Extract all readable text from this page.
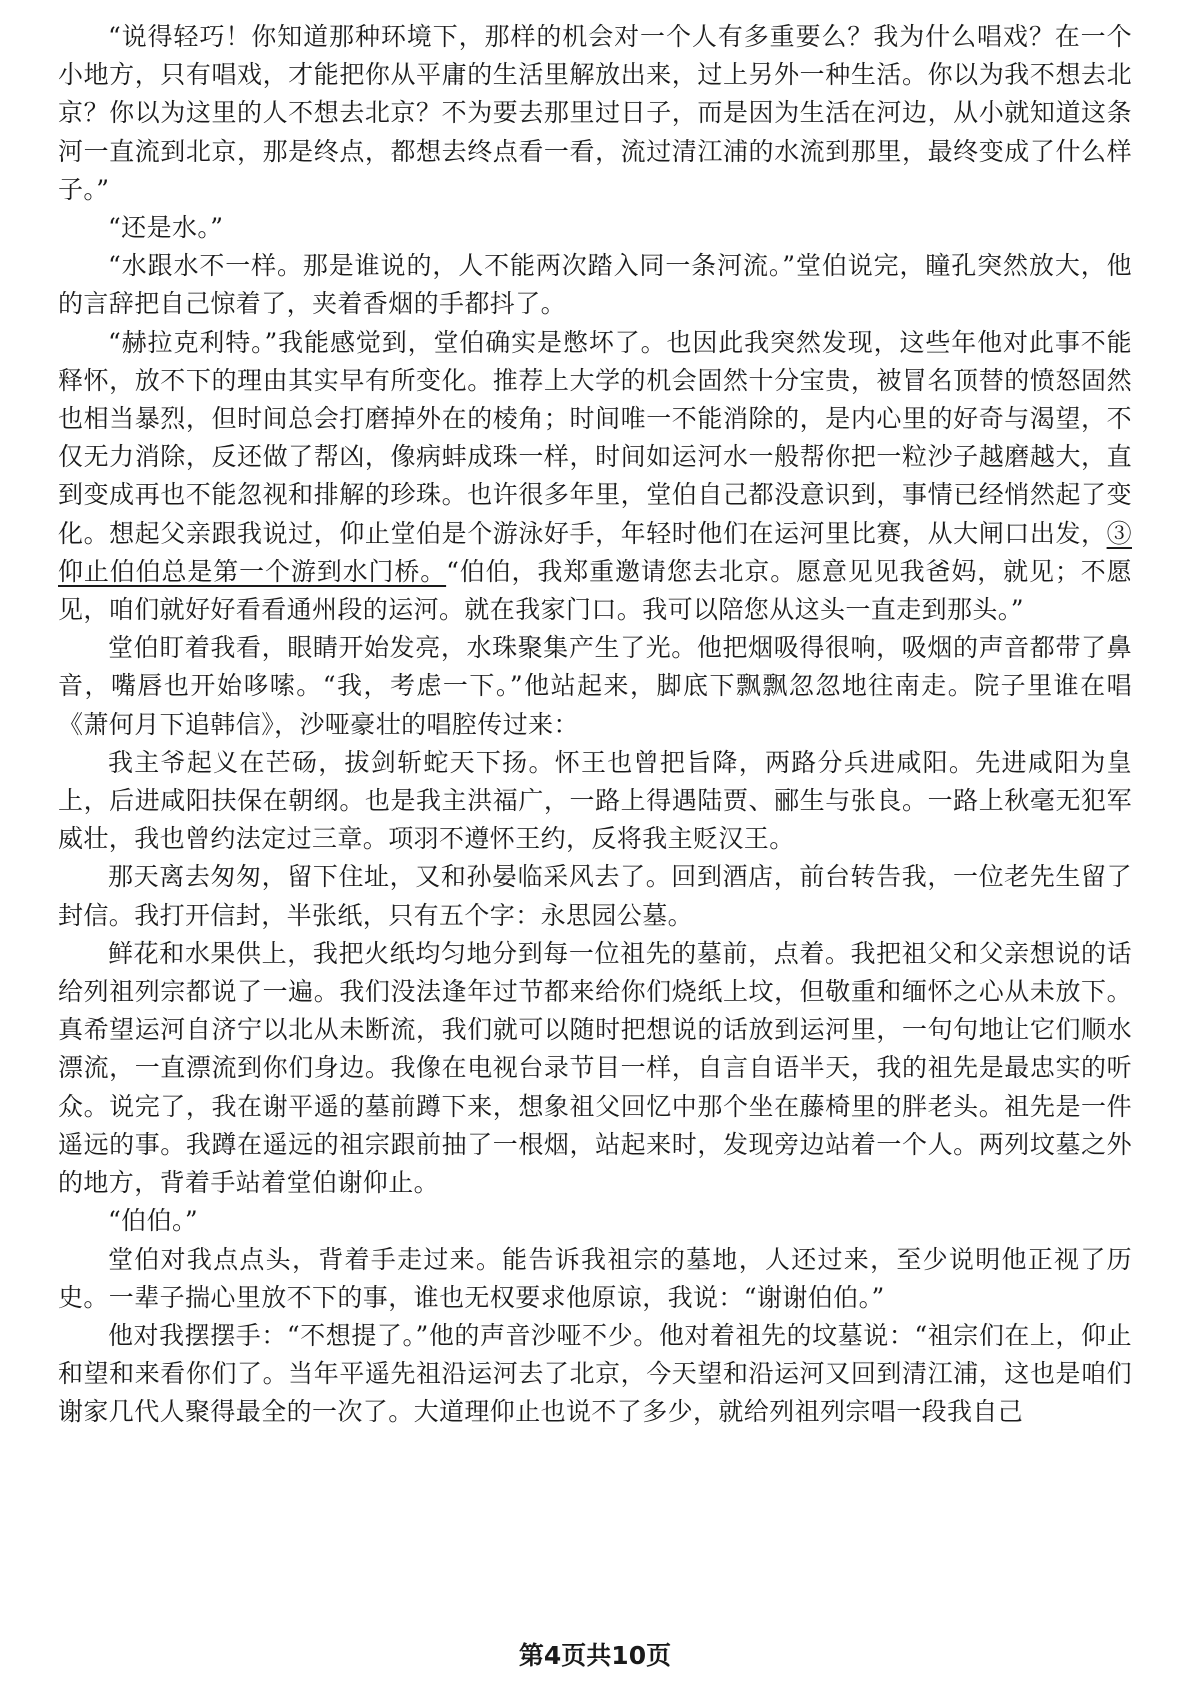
“说得轻巧！你知道那种环境下，那样的机会对一个人有多重要么？我为什么唱戏？在一个小地方，只有唱戏，才能把你从平庸的生活里解放出来，过上另外一种生活。你以为我不想去北京？你以为这里的人不想去北京？不为要去那里过日子，而是因为生活在河边，从小就知道这条河一直流到北京，那是终点，都想去终点看一看，流过清江浦的水流到那里，最终变成了什么样子。”

“还是水。”

“水跟水不一样。那是谁说的，人不能两次踏入同一条河流。”堂伯说完，瞳孔突然放大，他的言辞把自己惊着了，夹着香烟的手都抖了。

“赫拉克利特。”我能感觉到，堂伯确实是憋坏了。也因此我突然发现，这些年他对此事不能释怀，放不下的理由其实早有所变化。推荐上大学的机会固然十分宝贵，被冒名顶替的愤怒固然也相当暴烈，但时间总会打磨掉外在的棱角；时间唯一不能消除的，是内心里的好奇与渴望，不仅无力消除，反还做了帮凶，像病蚌成珠一样，时间如运河水一般帮你把一粒沙子越磨越大，直到变成再也不能忽视和排解的珍珠。也许很多年里，堂伯自己都没意识到，事情已经悄然起了变化。想起父亲跟我说过，仰止堂伯是个游泳好手，年轻时他们在运河里比赛，从大闸口出发，③仰止伯伯总是第一个游到水门桥。“伯伯，我郑重邀请您去北京。愿意见见我爸妈，就见；不愿见，咱们就好好看看通州段的运河。就在我家门口。我可以陪您从这头一直走到那头。”

堂伯盯着我看，眼睛开始发亮，水珠聚集产生了光。他把烟吸得很响，吸烟的声音都带了鼻音，嘴唇也开始哆嗦。“我，考虑一下。”他站起来，脚底下飘飘忽忽地往南走。院子里谁在唱《萧何月下追韩信》，沙哑豪壮的唱腔传过来：

我主爷起义在芒砀，拔剑斩蛇天下扬。怀王也曾把旨降，两路分兵进咸阳。先进咸阳为皇上，后进咸阳扶保在朝纲。也是我主洪福广，一路上得遇陆贾、郦生与张良。一路上秋毫无犯军威壮，我也曾约法定过三章。项羽不遵怀王约，反将我主贬汉王。

那天离去匆匆，留下住址，又和孙晏临采风去了。回到酒店，前台转告我，一位老先生留了封信。我打开信封，半张纸，只有五个字：永思园公墓。

鲜花和水果供上，我把火纸均匀地分到每一位祖先的墓前，点着。我把祖父和父亲想说的话给列祖列宗都说了一遍。我们没法逢年过节都来给你们烧纸上坟，但敬重和缅怀之心从未放下。真希望运河自济宁以北从未断流，我们就可以随时把想说的话放到运河里，一句句地让它们顺水漂流，一直漂流到你们身边。我像在电视台录节目一样，自言自语半天，我的祖先是最忠实的听众。说完了，我在谢平遥的墓前蹲下来，想象祖父回忆中那个坐在藤椅里的胖老头。祖先是一件遥远的事。我蹲在遥远的祖宗跟前抽了一根烟，站起来时，发现旁边站着一个人。两列坟墓之外的地方，背着手站着堂伯谢仰止。

“伯伯。”

堂伯对我点点头，背着手走过来。能告诉我祖宗的墓地，人还过来，至少说明他正视了历史。一辈子揣心里放不下的事，谁也无权要求他原谅，我说：“谢谢伯伯。”

他对我摆摆手：“不想提了。”他的声音沙哑不少。他对着祖先的坟墓说：“祖宗们在上，仰止和望和来看你们了。当年平遥先祖沿运河去了北京，今天望和沿运河又回到清江浦，这也是咱们谢家几代人聚得最全的一次了。大道理仰止也说不了多少，就给列祖列宗唱一段我自己

第4页共10页
